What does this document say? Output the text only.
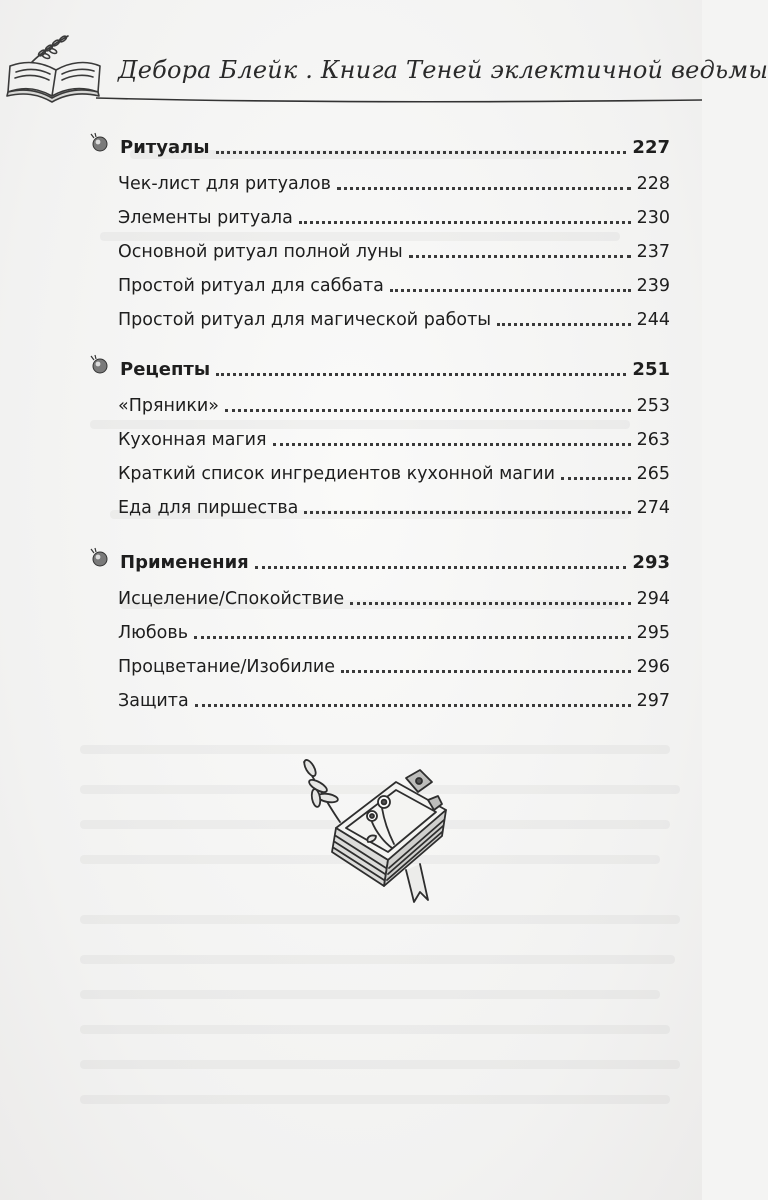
Дебора Блейк . Книга Теней эклектичной ведьмы
Ритуалы	227
Чек-лист для ритуалов	228
Элементы ритуала	230
Основной ритуал полной луны	237
Простой ритуал для саббата	239
Простой ритуал для магической работы	244
Рецепты	251
«Пряники»	253
Кухонная магия	263
Краткий список ингредиентов кухонной магии	265
Еда для пиршества	274
Применения	293
Исцеление/Спокойствие	294
Любовь	295
Процветание/Изобилие	296
Защита	297
